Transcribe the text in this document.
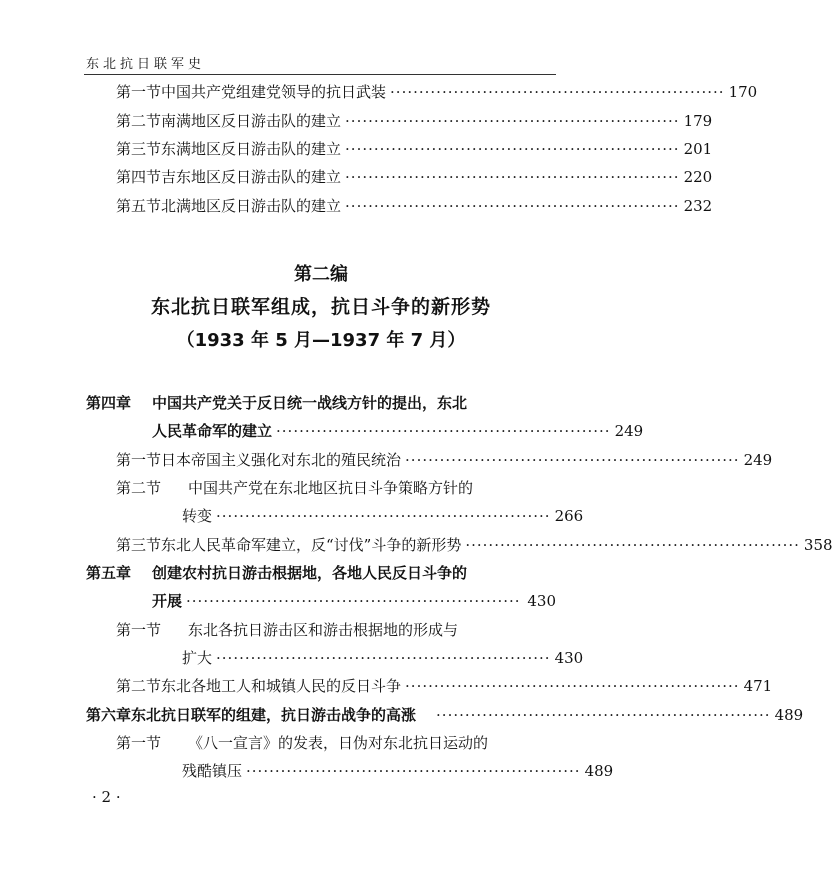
东北抗日联军史
第一节 中国共产党组建党领导的抗日武装 ·························································· 170
第二节 南满地区反日游击队的建立 ·························································· 179
第三节 东满地区反日游击队的建立 ·························································· 201
第四节 吉东地区反日游击队的建立 ·························································· 220
第五节 北满地区反日游击队的建立 ·························································· 232
第二编
东北抗日联军组成，抗日斗争的新形势
（1933 年 5 月—1937 年 7 月）
第四章	中国共产党关于反日统一战线方针的提出，东北
人民革命军的建立 ·························································· 249
第一节 日本帝国主义强化对东北的殖民统治 ·························································· 249
第二节	中国共产党在东北地区抗日斗争策略方针的
转变 ·························································· 266
第三节 东北人民革命军建立，反“讨伐”斗争的新形势 ·························································· 358
第五章	创建农村抗日游击根据地，各地人民反日斗争的
开展 ·························································· 430
第一节	东北各抗日游击区和游击根据地的形成与
扩大 ·························································· 430
第二节 东北各地工人和城镇人民的反日斗争 ·························································· 471
第六章 东北抗日联军的组建，抗日游击战争的高涨 ·························································· 489
第一节	《八一宣言》的发表，日伪对东北抗日运动的
残酷镇压 ·························································· 489
· 2 ·
